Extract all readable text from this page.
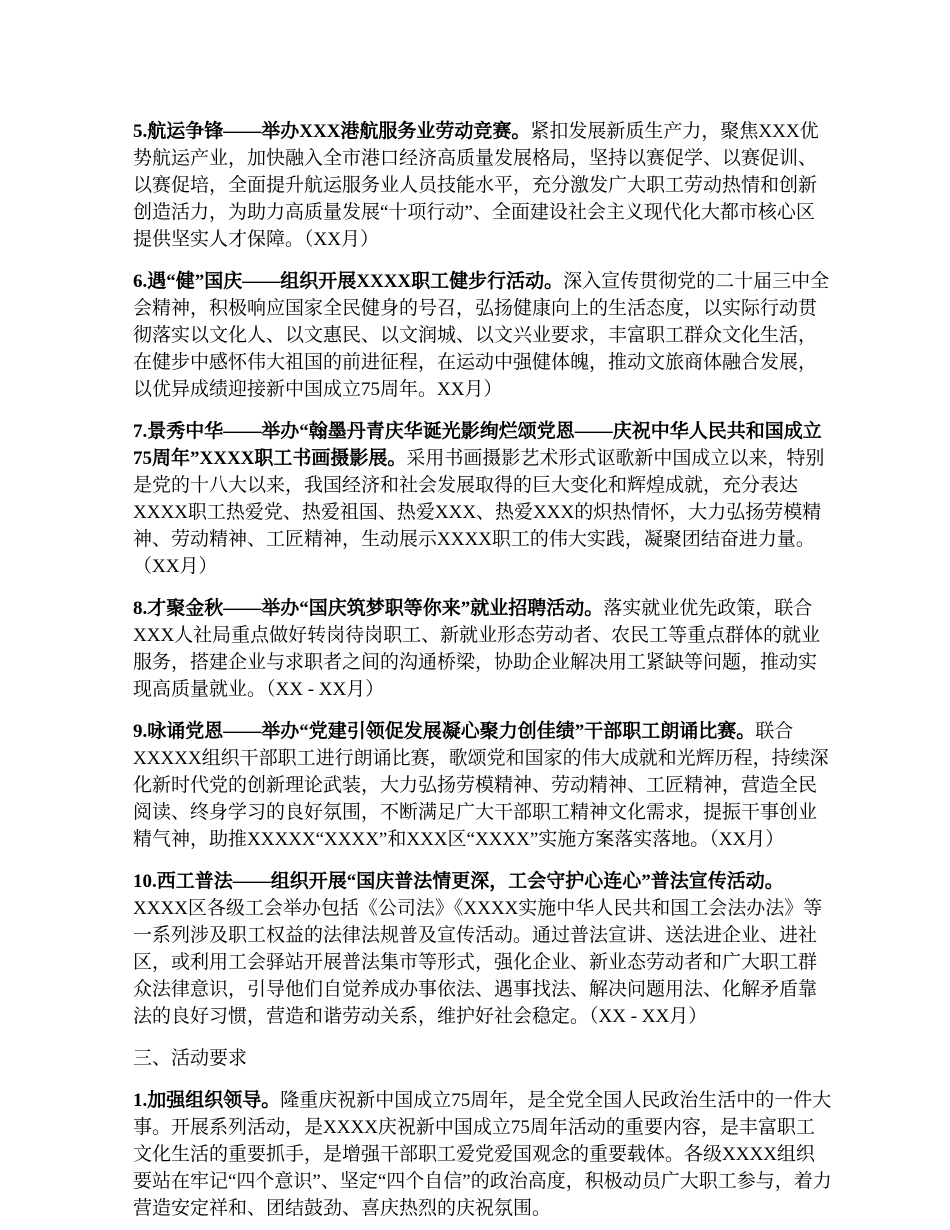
5.航运争锋——举办XXX港航服务业劳动竞赛。紧扣发展新质生产力，聚焦XXX优势航运产业，加快融入全市港口经济高质量发展格局，坚持以赛促学、以赛促训、以赛促培，全面提升航运服务业人员技能水平，充分激发广大职工劳动热情和创新创造活力，为助力高质量发展“十项行动”、全面建设社会主义现代化大都市核心区提供坚实人才保障。（XX月）

6.遇“健”国庆——组织开展XXXX职工健步行活动。深入宣传贯彻党的二十届三中全会精神，积极响应国家全民健身的号召，弘扬健康向上的生活态度，以实际行动贯彻落实以文化人、以文惠民、以文润城、以文兴业要求，丰富职工群众文化生活，在健步中感怀伟大祖国的前进征程，在运动中强健体魄，推动文旅商体融合发展，以优异成绩迎接新中国成立75周年。XX月）

7.景秀中华——举办“翰墨丹青庆华诞光影绚烂颂党恩——庆祝中华人民共和国成立75周年”XXXX职工书画摄影展。采用书画摄影艺术形式讴歌新中国成立以来，特别是党的十八大以来，我国经济和社会发展取得的巨大变化和辉煌成就，充分表达XXXX职工热爱党、热爱祖国、热爱XXX、热爱XXX的炽热情怀，大力弘扬劳模精神、劳动精神、工匠精神，生动展示XXXX职工的伟大实践，凝聚团结奋进力量。（XX月）

8.才聚金秋——举办“国庆筑梦职等你来”就业招聘活动。落实就业优先政策，联合XXX人社局重点做好转岗待岗职工、新就业形态劳动者、农民工等重点群体的就业服务，搭建企业与求职者之间的沟通桥梁，协助企业解决用工紧缺等问题，推动实现高质量就业。（XX - XX月）

9.咏诵党恩——举办“党建引领促发展凝心聚力创佳绩”干部职工朗诵比赛。联合XXXXX组织干部职工进行朗诵比赛，歌颂党和国家的伟大成就和光辉历程，持续深化新时代党的创新理论武装，大力弘扬劳模精神、劳动精神、工匠精神，营造全民阅读、终身学习的良好氛围，不断满足广大干部职工精神文化需求，提振干事创业精气神，助推XXXXX“XXXX”和XXX区“XXXX”实施方案落实落地。（XX月）

10.西工普法——组织开展“国庆普法情更深，工会守护心连心”普法宣传活动。XXXX区各级工会举办包括《公司法》《XXXX实施中华人民共和国工会法办法》等一系列涉及职工权益的法律法规普及宣传活动。通过普法宣讲、送法进企业、进社区，或利用工会驿站开展普法集市等形式，强化企业、新业态劳动者和广大职工群众法律意识，引导他们自觉养成办事依法、遇事找法、解决问题用法、化解矛盾靠法的良好习惯，营造和谐劳动关系，维护好社会稳定。（XX - XX月）

三、活动要求

1.加强组织领导。隆重庆祝新中国成立75周年，是全党全国人民政治生活中的一件大事。开展系列活动，是XXXX庆祝新中国成立75周年活动的重要内容，是丰富职工文化生活的重要抓手，是增强干部职工爱党爱国观念的重要载体。各级XXXX组织要站在牢记“四个意识”、坚定“四个自信”的政治高度，积极动员广大职工参与，着力营造安定祥和、团结鼓劲、喜庆热烈的庆祝氛围。
